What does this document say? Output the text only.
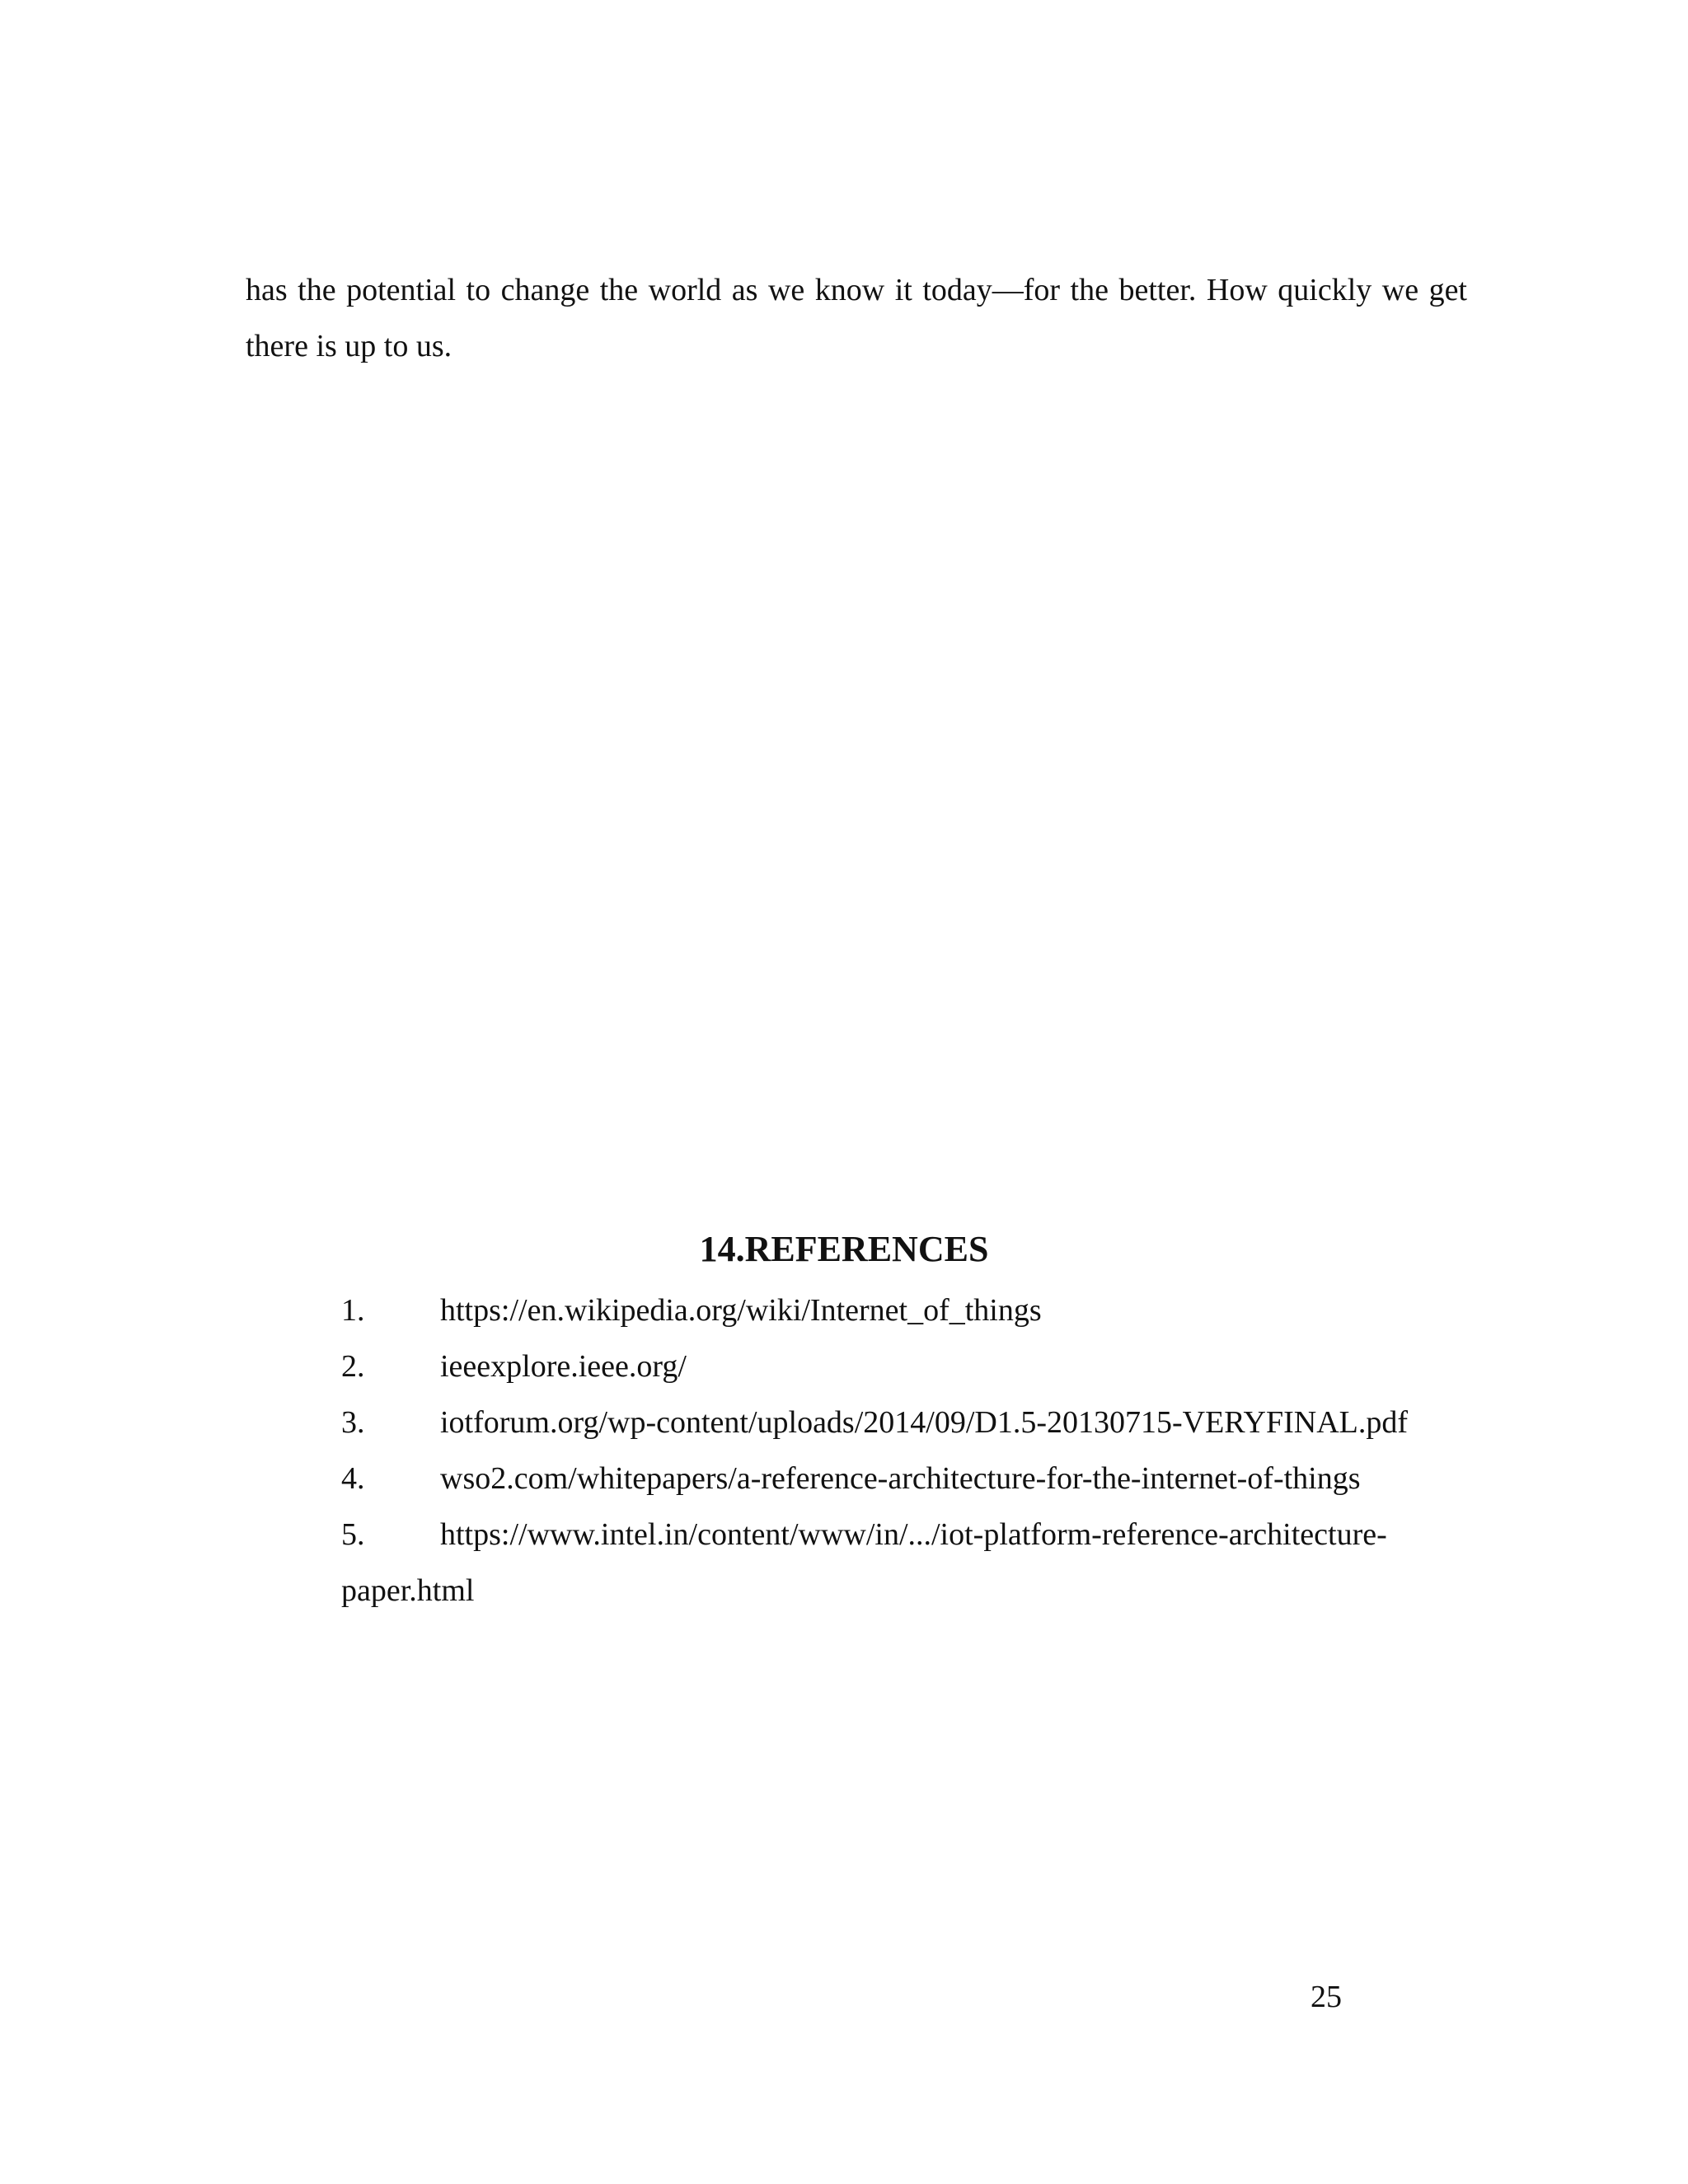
has the potential to change the world as we know it today—for the better. How quickly we get there is up to us.

14.REFERENCES
1.	https://en.wikipedia.org/wiki/Internet_of_things
2.	ieeexplore.ieee.org/
3.	iotforum.org/wp-content/uploads/2014/09/D1.5-20130715-VERYFINAL.pdf
4.	wso2.com/whitepapers/a-reference-architecture-for-the-internet-of-things
5.	https://www.intel.in/content/www/in/.../iot-platform-reference-architecture-paper.html
25
